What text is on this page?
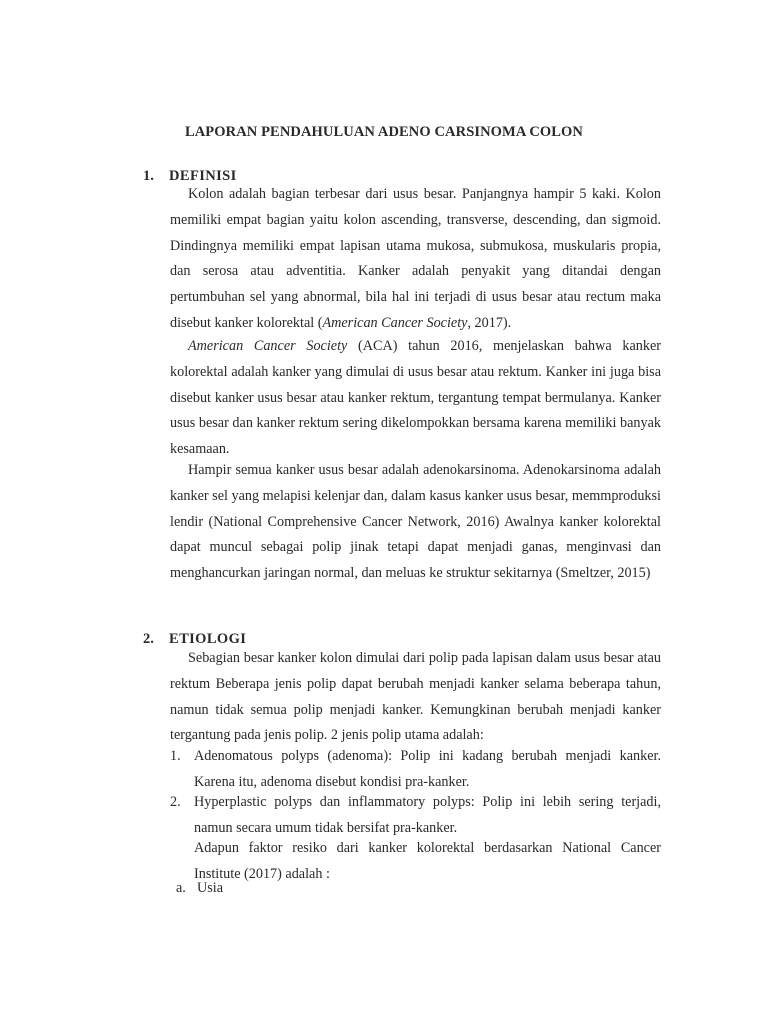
LAPORAN PENDAHULUAN ADENO CARSINOMA COLON
1. DEFINISI

Kolon adalah bagian terbesar dari usus besar. Panjangnya hampir 5 kaki. Kolon memiliki empat bagian yaitu kolon ascending, transverse, descending, dan sigmoid. Dindingnya memiliki empat lapisan utama mukosa, submukosa, muskularis propia, dan serosa atau adventitia. Kanker adalah penyakit yang ditandai dengan pertumbuhan sel yang abnormal, bila hal ini terjadi di usus besar atau rectum maka disebut kanker kolorektal (American Cancer Society, 2017).

American Cancer Society (ACA) tahun 2016, menjelaskan bahwa kanker kolorektal adalah kanker yang dimulai di usus besar atau rektum. Kanker ini juga bisa disebut kanker usus besar atau kanker rektum, tergantung tempat bermulanya. Kanker usus besar dan kanker rektum sering dikelompokkan bersama karena memiliki banyak kesamaan.

Hampir semua kanker usus besar adalah adenokarsinoma. Adenokarsinoma adalah kanker sel yang melapisi kelenjar dan, dalam kasus kanker usus besar, memmproduksi lendir (National Comprehensive Cancer Network, 2016) Awalnya kanker kolorektal dapat muncul sebagai polip jinak tetapi dapat menjadi ganas, menginvasi dan menghancurkan jaringan normal, dan meluas ke struktur sekitarnya (Smeltzer, 2015)

2. ETIOLOGI

Sebagian besar kanker kolon dimulai dari polip pada lapisan dalam usus besar atau rektum Beberapa jenis polip dapat berubah menjadi kanker selama beberapa tahun, namun tidak semua polip menjadi kanker. Kemungkinan berubah menjadi kanker tergantung pada jenis polip. 2 jenis polip utama adalah:

1. Adenomatous polyps (adenoma): Polip ini kadang berubah menjadi kanker. Karena itu, adenoma disebut kondisi pra-kanker.
2. Hyperplastic polyps dan inflammatory polyps: Polip ini lebih sering terjadi, namun secara umum tidak bersifat pra-kanker.

Adapun faktor resiko dari kanker kolorektal berdasarkan National Cancer Institute (2017) adalah :

a. Usia
